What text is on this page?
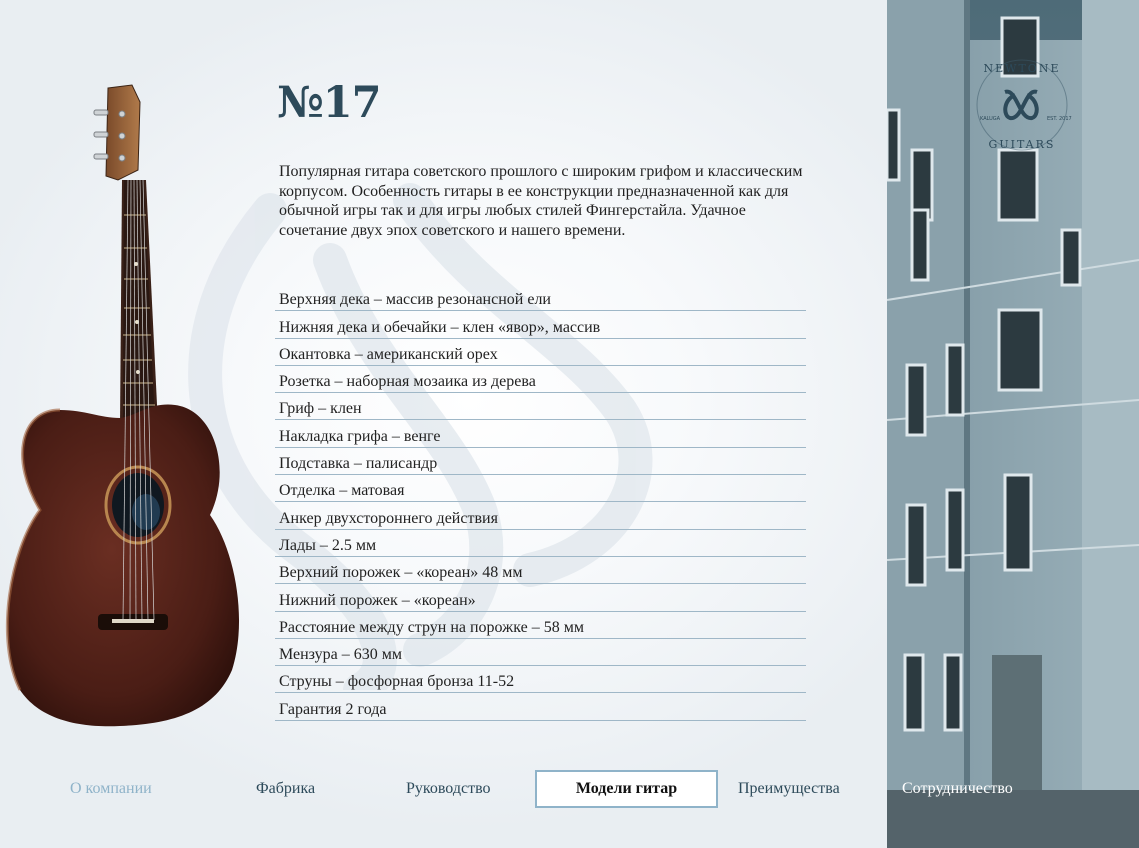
№17

Популярная гитара советского прошлого с широким грифом и классическим корпусом. Особенность гитары в ее конструкции предназначенной как для обычной игры так и для игры любых стилей Фингерстайла. Удачное сочетание двух эпох советского и нашего времени.

Верхняя дека – массив резонансной ели
Нижняя дека и обечайки – клен «явор», массив
Окантовка – американский орех
Розетка – наборная мозаика из дерева
Гриф – клен
Накладка грифа – венге
Подставка – палисандр
Отделка – матовая
Анкер двухстороннего действия
Лады – 2.5 мм
Верхний порожек – «кореан» 48 мм
Нижний порожек – «кореан»
Расстояние между струн на порожке – 58 мм
Мензура – 630 мм
Струны – фосфорная бронза 11-52
Гарантия 2 года
NEWTONE
GUITARS
KALUGA	EST. 2017
О компании	Фабрика	Руководство	Модели гитар	Преимущества	Сотрудничество
